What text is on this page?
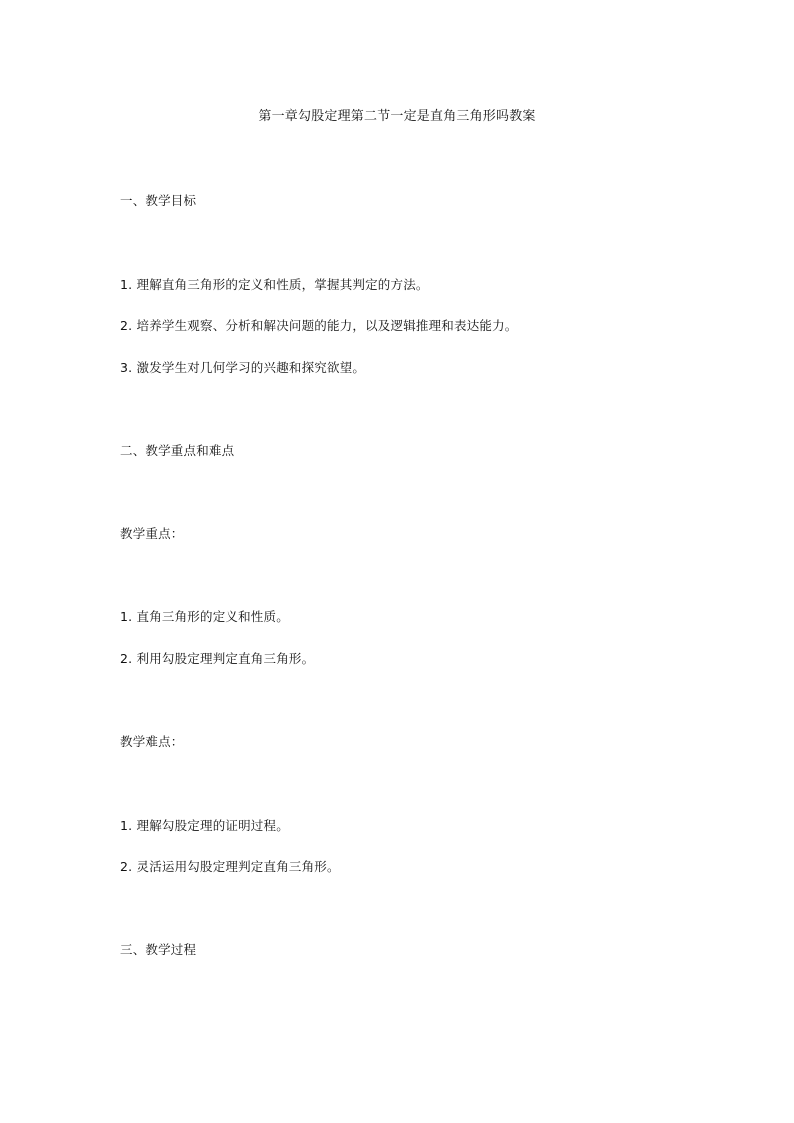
第一章勾股定理第二节一定是直角三角形吗教案
一、教学目标
1. 理解直角三角形的定义和性质，掌握其判定的方法。
2. 培养学生观察、分析和解决问题的能力，以及逻辑推理和表达能力。
3. 激发学生对几何学习的兴趣和探究欲望。
二、教学重点和难点
教学重点：
1. 直角三角形的定义和性质。
2. 利用勾股定理判定直角三角形。
教学难点：
1. 理解勾股定理的证明过程。
2. 灵活运用勾股定理判定直角三角形。
三、教学过程
